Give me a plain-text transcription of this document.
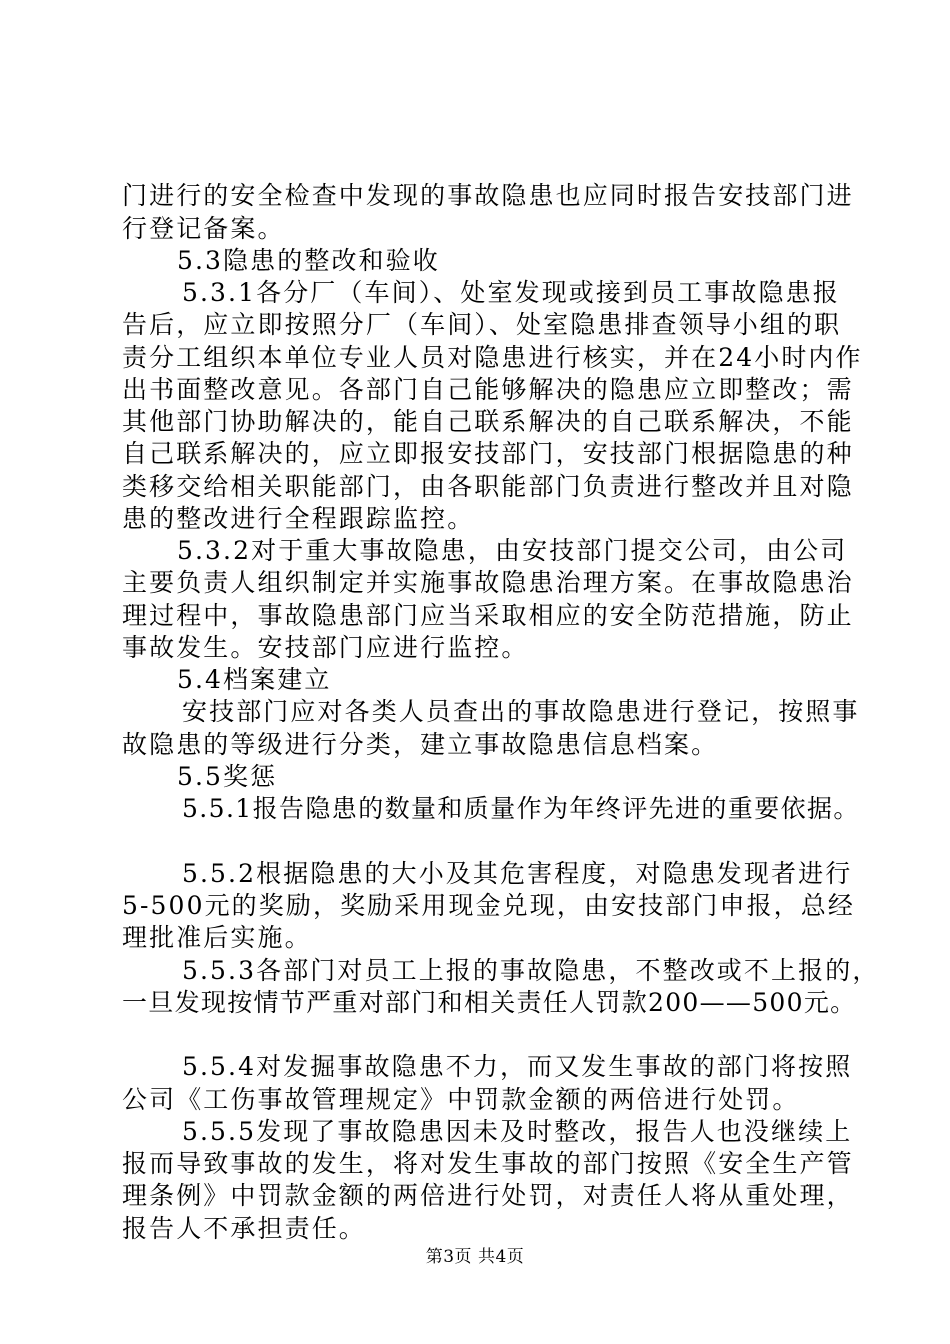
门进行的安全检查中发现的事故隐患也应同时报告安技部门进
行登记备案。
5.3隐患的整改和验收
5.3.1各分厂（车间）、处室发现或接到员工事故隐患报
告后，应立即按照分厂（车间）、处室隐患排查领导小组的职
责分工组织本单位专业人员对隐患进行核实，并在24小时内作
出书面整改意见。各部门自己能够解决的隐患应立即整改；需
其他部门协助解决的，能自己联系解决的自己联系解决，不能
自己联系解决的，应立即报安技部门，安技部门根据隐患的种
类移交给相关职能部门，由各职能部门负责进行整改并且对隐
患的整改进行全程跟踪监控。
5.3.2对于重大事故隐患，由安技部门提交公司，由公司
主要负责人组织制定并实施事故隐患治理方案。在事故隐患治
理过程中，事故隐患部门应当采取相应的安全防范措施，防止
事故发生。安技部门应进行监控。
5.4档案建立
安技部门应对各类人员查出的事故隐患进行登记，按照事
故隐患的等级进行分类，建立事故隐患信息档案。
5.5奖惩
5.5.1报告隐患的数量和质量作为年终评先进的重要依据。
5.5.2根据隐患的大小及其危害程度，对隐患发现者进行
5-500元的奖励，奖励采用现金兑现，由安技部门申报，总经
理批准后实施。
5.5.3各部门对员工上报的事故隐患，不整改或不上报的，
一旦发现按情节严重对部门和相关责任人罚款200——500元。
5.5.4对发掘事故隐患不力，而又发生事故的部门将按照
公司《工伤事故管理规定》中罚款金额的两倍进行处罚。
5.5.5发现了事故隐患因未及时整改，报告人也没继续上
报而导致事故的发生，将对发生事故的部门按照《安全生产管
理条例》中罚款金额的两倍进行处罚，对责任人将从重处理，
报告人不承担责任。
第3页 共4页
